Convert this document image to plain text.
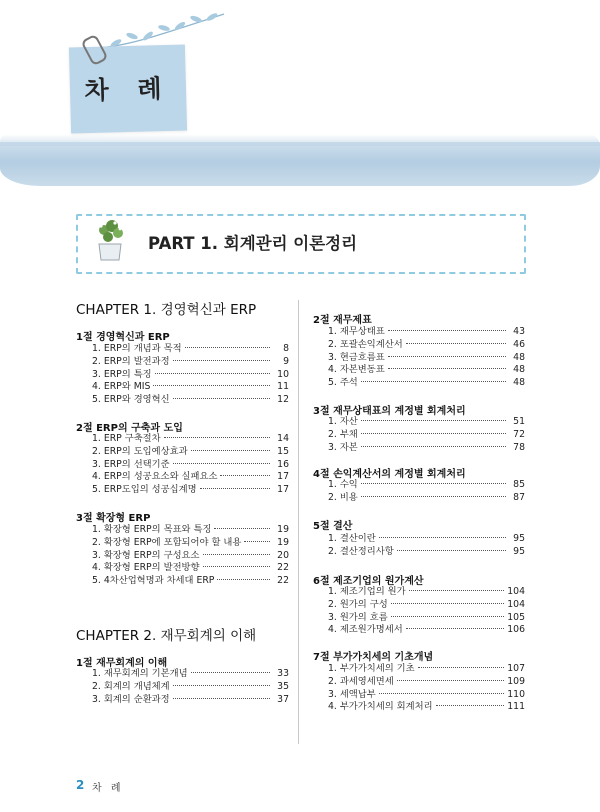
차 례
PART 1. 회계관리 이론정리
CHAPTER 1. 경영혁신과 ERP
1절 경영혁신과 ERP
1. ERP의 개념과 목적	8
2. ERP의 발전과정	9
3. ERP의 특징	10
4. ERP와 MIS	11
5. ERP와 경영혁신	12
2절 ERP의 구축과 도입
1. ERP 구축절차	14
2. ERP의 도입예상효과	15
3. ERP의 선택기준	16
4. ERP의 성공요소와 실패요소	17
5. ERP도입의 성공십계명	17
3절 확장형 ERP
1. 확장형 ERP의 목표와 특징	19
2. 확장형 ERP에 포함되어야 할 내용	19
3. 확장형 ERP의 구성요소	20
4. 확장형 ERP의 발전방향	22
5. 4차산업혁명과 차세대 ERP	22
CHAPTER 2. 재무회계의 이해
1절 재무회계의 이해
1. 재무회계의 기본개념	33
2. 회계의 개념체계	35
3. 회계의 순환과정	37
2절 재무제표
1. 재무상태표	43
2. 포괄손익계산서	46
3. 현금흐름표	48
4. 자본변동표	48
5. 주석	48
3절 재무상태표의 계정별 회계처리
1. 자산	51
2. 부채	72
3. 자본	78
4절 손익계산서의 계정별 회계처리
1. 수익	85
2. 비용	87
5절 결산
1. 결산이란	95
2. 결산정리사항	95
6절 제조기업의 원가계산
1. 제조기업의 원가	104
2. 원가의 구성	104
3. 원가의 흐름	105
4. 제조원가명세서	106
7절 부가가치세의 기초개념
1. 부가가치세의 기초	107
2. 과세영세면세	109
3. 세액납부	110
4. 부가가치세의 회계처리	111
2 차 례
